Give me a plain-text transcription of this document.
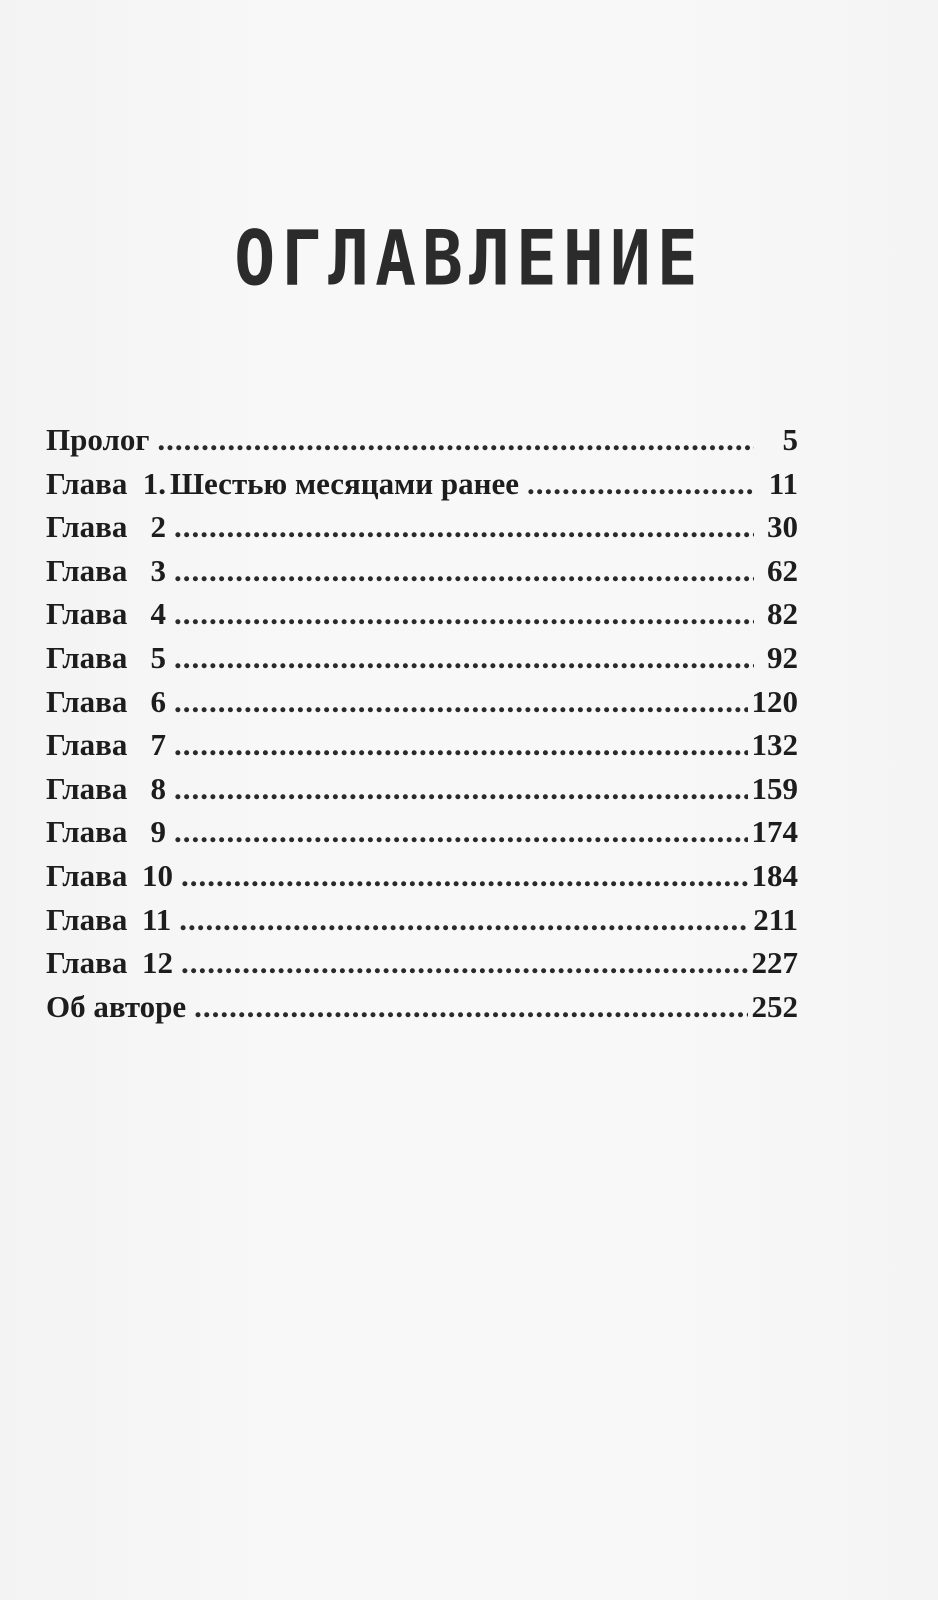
ОГЛАВЛЕНИЕ
Пролог .....	5
Глава 1. Шестью месяцами ранее .....	11
Глава 2 .....	30
Глава 3 .....	62
Глава 4 .....	82
Глава 5 .....	92
Глава 6 .....	120
Глава 7 .....	132
Глава 8 .....	159
Глава 9 .....	174
Глава 10 .....	184
Глава 11 .....	211
Глава 12 .....	227
Об авторе .....	252
